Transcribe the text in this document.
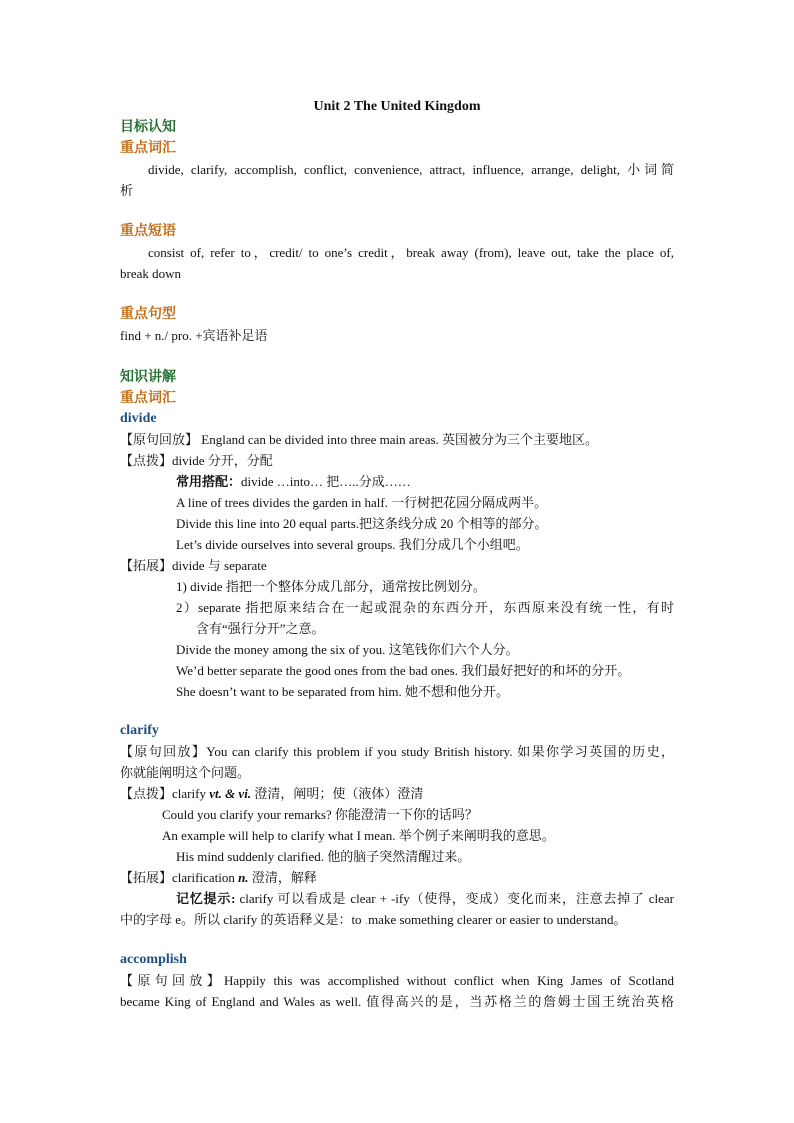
Unit 2 The United Kingdom
目标认知
重点词汇
divide, clarify, accomplish, conflict, convenience, attract, influence, arrange, delight, 小词简
析
重点短语
consist of, refer to，credit/ to one’s credit，break away (from), leave out, take the place of,
break down
重点句型
find + n./ pro. +宾语补足语
知识讲解
重点词汇
divide
【原句回放】 England can be divided into three main areas. 英国被分为三个主要地区。
【点拨】divide 分开，分配
常用搭配：divide …into… 把…..分成……
A line of trees divides the garden in half. 一行树把花园分隔成两半。
Divide this line into 20 equal parts.把这条线分成 20 个相等的部分。
Let’s divide ourselves into several groups. 我们分成几个小组吧。
【拓展】divide 与 separate
1) divide 指把一个整体分成几部分，通常按比例划分。
2）separate 指把原来结合在一起或混杂的东西分开，东西原来没有统一性，有时
含有“强行分开”之意。
Divide the money among the six of you. 这笔钱你们六个人分。
We’d better separate the good ones from the bad ones. 我们最好把好的和坏的分开。
She doesn’t want to be separated from him. 她不想和他分开。
clarify
【原句回放】You can clarify this problem if you study British history. 如果你学习英国的历史，
你就能阐明这个问题。
【点拨】clarify vt. & vi. 澄清，阐明；使（液体）澄清
Could you clarify your remarks? 你能澄清一下你的话吗？
An example will help to clarify what I mean. 举个例子来阐明我的意思。
His mind suddenly clarified. 他的脑子突然清醒过来。
【拓展】clarification n. 澄清，解释
记忆提示: clarify 可以看成是 clear + -ify（使得，变成）变化而来，注意去掉了 clear
中的字母 e。所以 clarify 的英语释义是：to .make something clearer or easier to understand。
accomplish
【原句回放】Happily this was accomplished without conflict when King James of Scotland
became King of England and Wales as well. 值得高兴的是，当苏格兰的詹姆士国王统治英格
